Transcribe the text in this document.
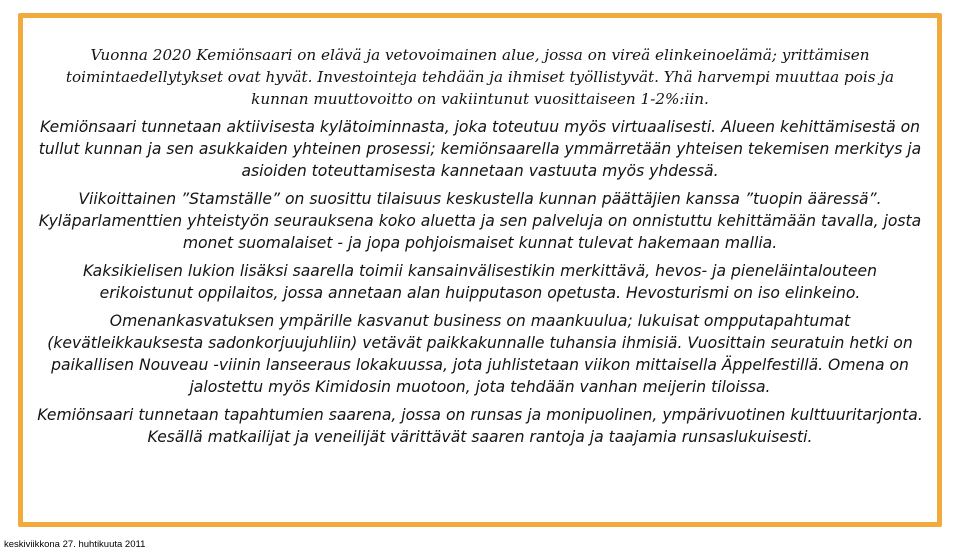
Vuonna 2020 Kemiönsaari on elävä ja vetovoimainen alue, jossa on vireä elinkeinoelämä; yrittämisen toimintaedellytykset ovat hyvät. Investointeja tehdään ja ihmiset työllistyvät. Yhä harvempi muuttaa pois ja kunnan muuttovoitto on vakiintunut vuosittaiseen 1-2%:iin.

Kemiönsaari tunnetaan aktiivisesta kylätoiminnasta, joka toteutuu myös virtuaalisesti. Alueen kehittämisestä on tullut kunnan ja sen asukkaiden yhteinen prosessi; kemiönsaarella ymmärretään yhteisen tekemisen merkitys ja asioiden toteuttamisesta kannetaan vastuuta myös yhdessä.

Viikoittainen ”Stamställe” on suosittu tilaisuus keskustella kunnan päättäjien kanssa ”tuopin ääressä”. Kyläparlamenttien yhteistyön seurauksena koko aluetta ja sen palveluja on onnistuttu kehittämään tavalla, josta monet suomalaiset - ja jopa pohjoismaiset kunnat tulevat hakemaan mallia.

Kaksikielisen lukion lisäksi saarella toimii kansainvälisestikin merkittävä, hevos- ja pieneläintalouteen erikoistunut oppilaitos, jossa annetaan alan huipputason opetusta. Hevosturismi on iso elinkeino.

Omenankasvatuksen ympärille kasvanut business on maankuulua; lukuisat ompputapahtumat (kevätleikkauksesta sadonkorjuujuhliin) vetävät paikkakunnalle tuhansia ihmisiä. Vuosittain seuratuin hetki on paikallisen Nouveau -viinin lanseeraus lokakuussa, jota juhlistetaan viikon mittaisella Äppelfestillä. Omena on jalostettu myös Kimidosin muotoon, jota tehdään vanhan meijerin tiloissa.

Kemiönsaari tunnetaan tapahtumien saarena, jossa on runsas ja monipuolinen, ympärivuotinen kulttuuritarjonta. Kesällä matkailijat ja veneilijät värittävät saaren rantoja ja taajamia runsaslukuisesti.

keskiviikkona 27. huhtikuuta 2011
